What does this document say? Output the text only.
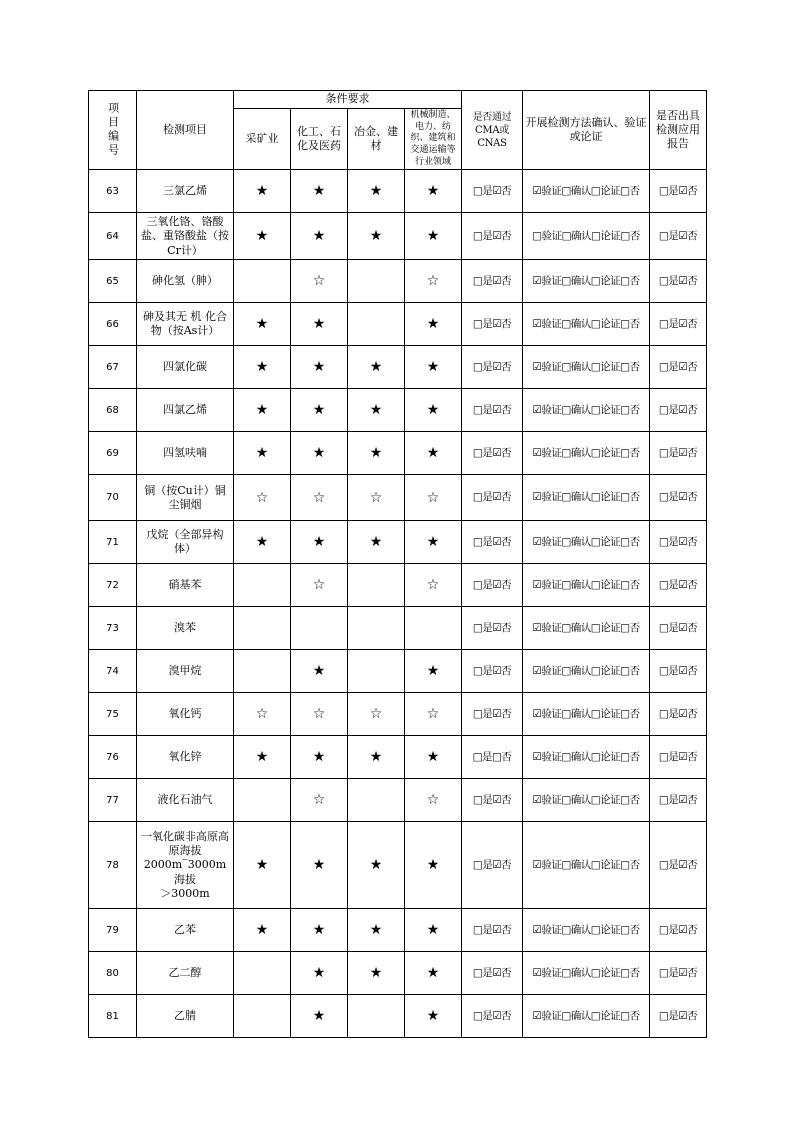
项目编号	检测项目	条件要求				是否通过CMA或CNAS	开展检测方法确认、验证或论证	是否出具检测应用报告
		采矿业	化工、石化及医药	冶金、建材	机械制造、电力、纺织、建筑和交通运输等行业领域			
63	三氯乙烯	★	★	★	★	□是☑否	☑验证□确认□论证□否	□是☑否
64	三氧化铬、铬酸盐、重铬酸盐（按Cr计）	★	★	★	★	□是☑否	□验证□确认□论证□否	□是☑否
65	砷化氢（胂）		☆		☆	□是☑否	☑验证□确认□论证□否	□是☑否
66	砷及其无 机 化合物（按As计）	★	★		★	□是☑否	☑验证□确认□论证□否	□是☑否
67	四氯化碳	★	★	★	★	□是☑否	☑验证□确认□论证□否	□是☑否
68	四氯乙烯	★	★	★	★	□是☑否	☑验证□确认□论证□否	□是☑否
69	四氢呋喃	★	★	★	★	□是☑否	☑验证□确认□论证□否	□是☑否
70	铜（按Cu计）铜尘铜烟	☆	☆	☆	☆	□是☑否	☑验证□确认□论证□否	□是☑否
71	戊烷（全部异构体）	★	★	★	★	□是☑否	☑验证□确认□论证□否	□是☑否
72	硝基苯		☆		☆	□是☑否	☑验证□确认□论证□否	□是☑否
73	溴苯					□是☑否	☑验证□确认□论证□否	□是☑否
74	溴甲烷		★		★	□是☑否	☑验证□确认□论证□否	□是☑否
75	氧化钙	☆	☆	☆	☆	□是☑否	☑验证□确认□论证□否	□是☑否
76	氧化锌	★	★	★	★	□是□否	☑验证□确认□论证□否	□是☑否
77	液化石油气		☆		☆	□是☑否	☑验证□确认□论证□否	□是☑否
78	一氧化碳非高原高原海拔
2000m‾3000m海拔
＞3000m	★	★	★	★	□是☑否	☑验证□确认□论证□否	□是☑否
79	乙苯	★	★	★	★	□是☑否	☑验证□确认□论证□否	□是☑否
80	乙二醇		★	★	★	□是☑否	☑验证□确认□论证□否	□是☑否
81	乙腈		★		★	□是☑否	☑验证□确认□论证□否	□是☑否
